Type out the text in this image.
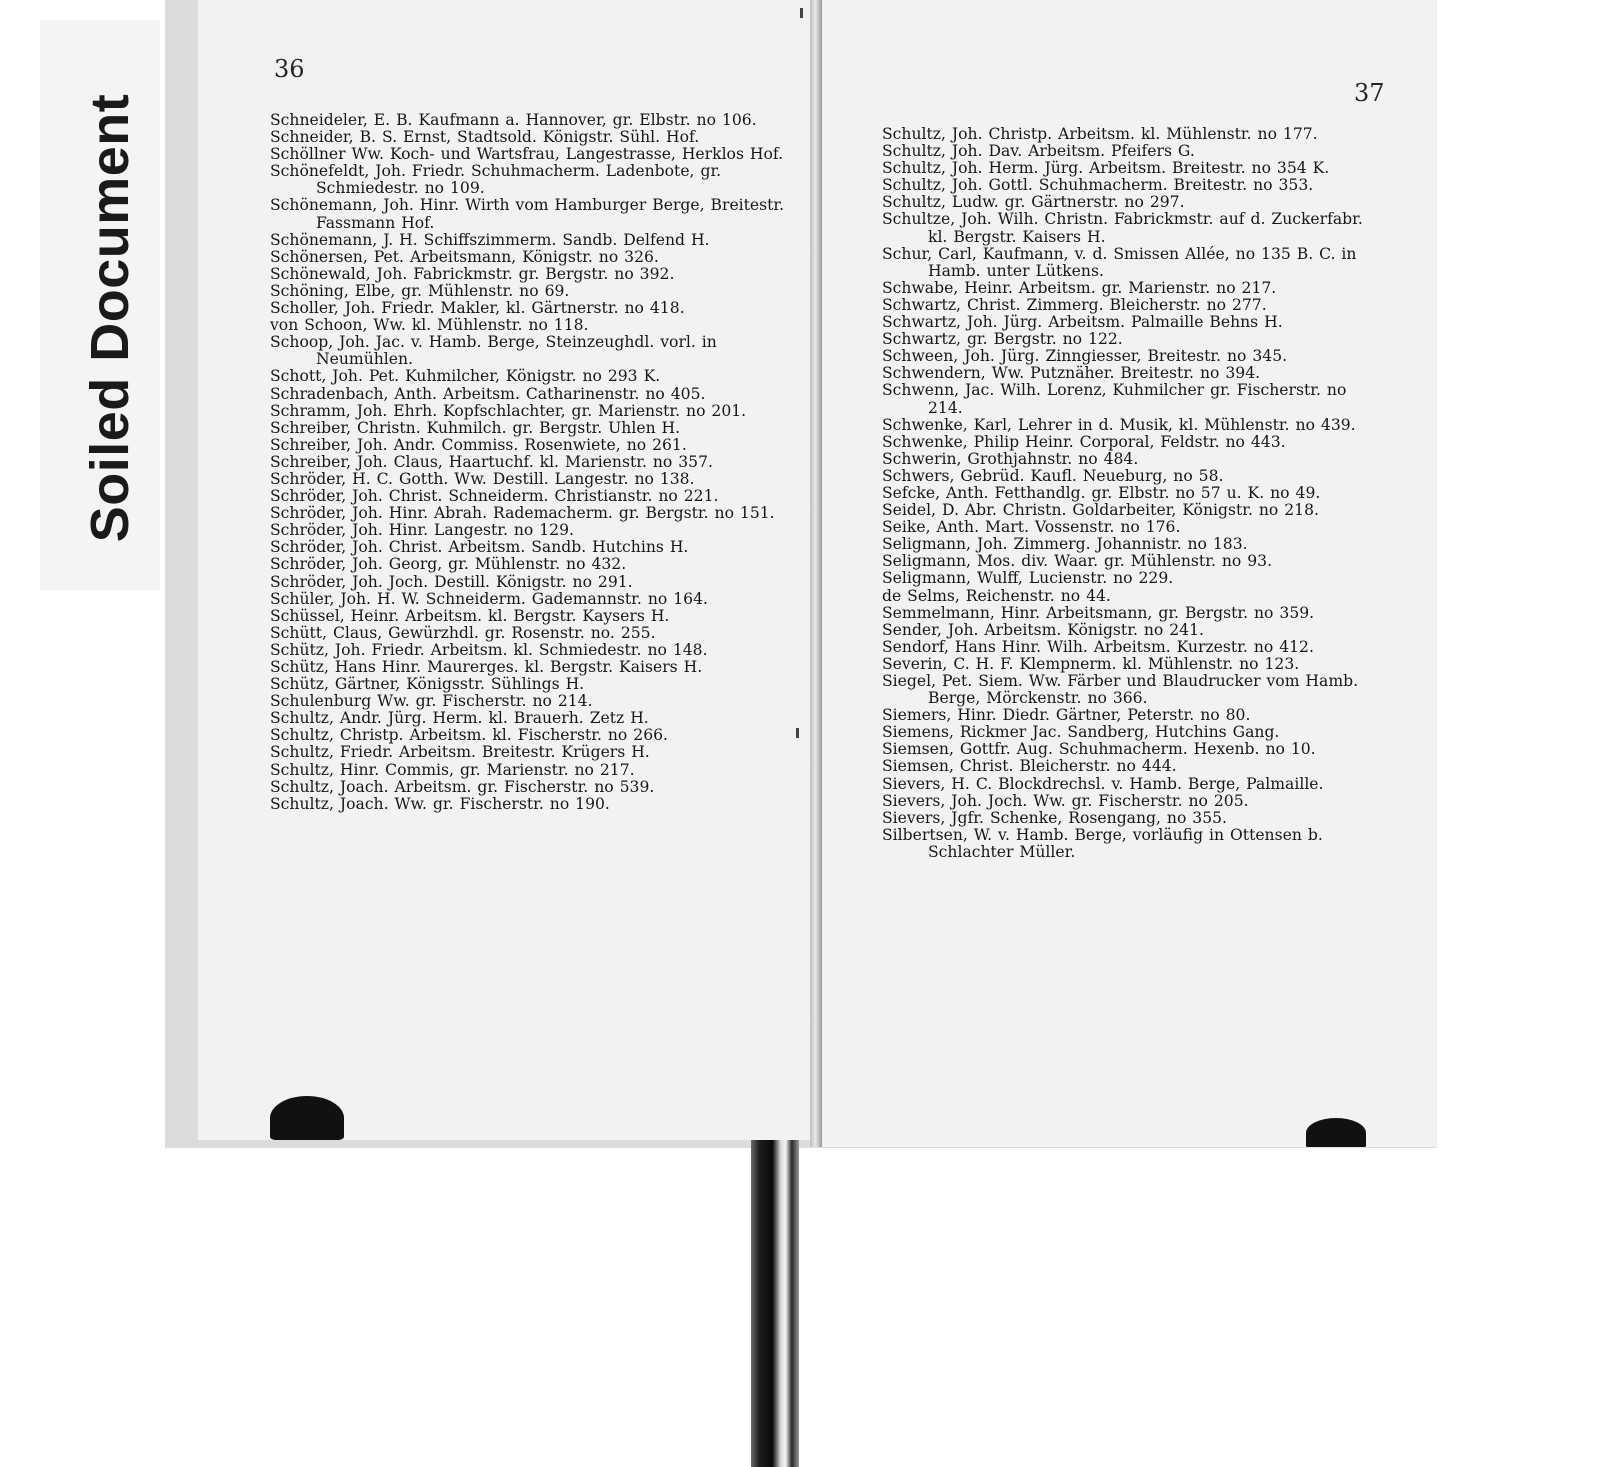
Soiled Document
36

Schneideler, E. B. Kaufmann a. Hannover, gr. Elbstr. no 106.

Schneider, B. S. Ernst, Stadtsold. Königstr. Sühl. Hof.

Schöllner Ww. Koch- und Wartsfrau, Langestrasse, Herklos Hof.

Schönefeldt, Joh. Friedr. Schuhmacherm. Ladenbote, gr. Schmiedestr. no 109.

Schönemann, Joh. Hinr. Wirth vom Hamburger Berge, Breitestr. Fassmann Hof.

Schönemann, J. H. Schiffszimmerm. Sandb. Delfend H.

Schönersen, Pet. Arbeitsmann, Königstr. no 326.

Schönewald, Joh. Fabrickmstr. gr. Bergstr. no 392.

Schöning, Elbe, gr. Mühlenstr. no 69.

Scholler, Joh. Friedr. Makler, kl. Gärtnerstr. no 418.

von Schoon, Ww. kl. Mühlenstr. no 118.

Schoop, Joh. Jac. v. Hamb. Berge, Steinzeughdl. vorl. in Neumühlen.

Schott, Joh. Pet. Kuhmilcher, Königstr. no 293 K.

Schradenbach, Anth. Arbeitsm. Catharinenstr. no 405.

Schramm, Joh. Ehrh. Kopfschlachter, gr. Marienstr. no 201.

Schreiber, Christn. Kuhmilch. gr. Bergstr. Uhlen H.

Schreiber, Joh. Andr. Commiss. Rosenwiete, no 261.

Schreiber, Joh. Claus, Haartuchf. kl. Marienstr. no 357.

Schröder, H. C. Gotth. Ww. Destill. Langestr. no 138.

Schröder, Joh. Christ. Schneiderm. Christianstr. no 221.

Schröder, Joh. Hinr. Abrah. Rademacherm. gr. Bergstr. no 151.

Schröder, Joh. Hinr. Langestr. no 129.

Schröder, Joh. Christ. Arbeitsm. Sandb. Hutchins H.

Schröder, Joh. Georg, gr. Mühlenstr. no 432.

Schröder, Joh. Joch. Destill. Königstr. no 291.

Schüler, Joh. H. W. Schneiderm. Gademannstr. no 164.

Schüssel, Heinr. Arbeitsm. kl. Bergstr. Kaysers H.

Schütt, Claus, Gewürzhdl. gr. Rosenstr. no. 255.

Schütz, Joh. Friedr. Arbeitsm. kl. Schmiedestr. no 148.

Schütz, Hans Hinr. Maurerges. kl. Bergstr. Kaisers H.

Schütz, Gärtner, Königsstr. Sühlings H.

Schulenburg Ww. gr. Fischerstr. no 214.

Schultz, Andr. Jürg. Herm. kl. Brauerh. Zetz H.

Schultz, Christp. Arbeitsm. kl. Fischerstr. no 266.

Schultz, Friedr. Arbeitsm. Breitestr. Krügers H.

Schultz, Hinr. Commis, gr. Marienstr. no 217.

Schultz, Joach. Arbeitsm. gr. Fischerstr. no 539.

Schultz, Joach. Ww. gr. Fischerstr. no 190.

37

Schultz, Joh. Christp. Arbeitsm. kl. Mühlenstr. no 177.

Schultz, Joh. Dav. Arbeitsm. Pfeifers G.

Schultz, Joh. Herm. Jürg. Arbeitsm. Breitestr. no 354 K.

Schultz, Joh. Gottl. Schuhmacherm. Breitestr. no 353.

Schultz, Ludw. gr. Gärtnerstr. no 297.

Schultze, Joh. Wilh. Christn. Fabrickmstr. auf d. Zuckerfabr. kl. Bergstr. Kaisers H.

Schur, Carl, Kaufmann, v. d. Smissen Allée, no 135 B. C. in Hamb. unter Lütkens.

Schwabe, Heinr. Arbeitsm. gr. Marienstr. no 217.

Schwartz, Christ. Zimmerg. Bleicherstr. no 277.

Schwartz, Joh. Jürg. Arbeitsm. Palmaille Behns H.

Schwartz, gr. Bergstr. no 122.

Schween, Joh. Jürg. Zinngiesser, Breitestr. no 345.

Schwendern, Ww. Putznäher. Breitestr. no 394.

Schwenn, Jac. Wilh. Lorenz, Kuhmilcher gr. Fischerstr. no 214.

Schwenke, Karl, Lehrer in d. Musik, kl. Mühlenstr. no 439.

Schwenke, Philip Heinr. Corporal, Feldstr. no 443.

Schwerin, Grothjahnstr. no 484.

Schwers, Gebrüd. Kaufl. Neueburg, no 58.

Sefcke, Anth. Fetthandlg. gr. Elbstr. no 57 u. K. no 49.

Seidel, D. Abr. Christn. Goldarbeiter, Königstr. no 218.

Seike, Anth. Mart. Vossenstr. no 176.

Seligmann, Joh. Zimmerg. Johannistr. no 183.

Seligmann, Mos. div. Waar. gr. Mühlenstr. no 93.

Seligmann, Wulff, Lucienstr. no 229.

de Selms, Reichenstr. no 44.

Semmelmann, Hinr. Arbeitsmann, gr. Bergstr. no 359.

Sender, Joh. Arbeitsm. Königstr. no 241.

Sendorf, Hans Hinr. Wilh. Arbeitsm. Kurzestr. no 412.

Severin, C. H. F. Klempnerm. kl. Mühlenstr. no 123.

Siegel, Pet. Siem. Ww. Färber und Blaudrucker vom Hamb. Berge, Mörckenstr. no 366.

Siemers, Hinr. Diedr. Gärtner, Peterstr. no 80.

Siemens, Rickmer Jac. Sandberg, Hutchins Gang.

Siemsen, Gottfr. Aug. Schuhmacherm. Hexenb. no 10.

Siemsen, Christ. Bleicherstr. no 444.

Sievers, H. C. Blockdrechsl. v. Hamb. Berge, Palmaille.

Sievers, Joh. Joch. Ww. gr. Fischerstr. no 205.

Sievers, Jgfr. Schenke, Rosengang, no 355.

Silbertsen, W. v. Hamb. Berge, vorläufig in Ottensen b. Schlachter Müller.
